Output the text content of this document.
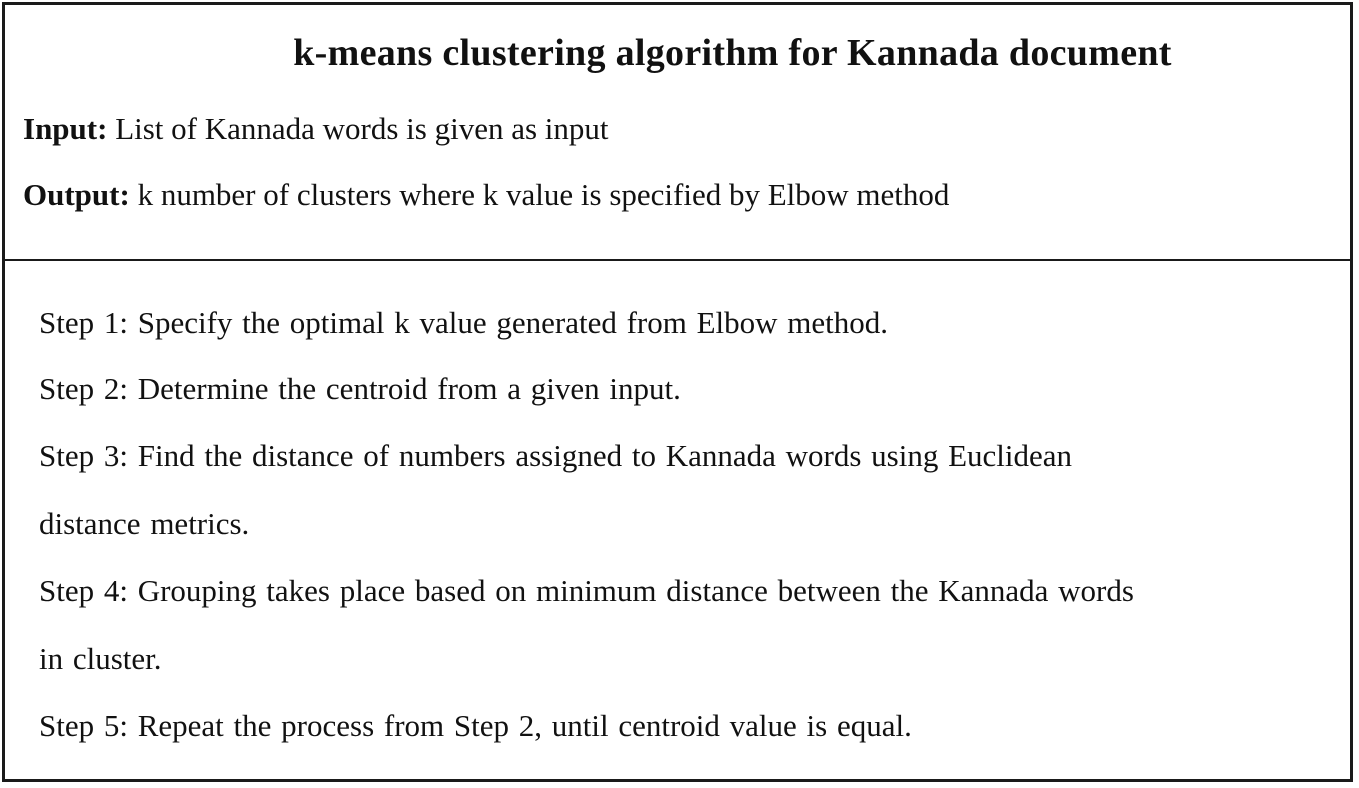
k-means clustering algorithm for Kannada document
Input: List of Kannada words is given as input
Output: k number of clusters where k value is specified by Elbow method
Step 1: Specify the optimal k value generated from Elbow method.
Step 2: Determine the centroid from a given input.
Step 3: Find the distance of numbers assigned to Kannada words using Euclidean
distance metrics.
Step 4: Grouping takes place based on minimum distance between the Kannada words
in cluster.
Step 5: Repeat the process from Step 2, until centroid value is equal.
